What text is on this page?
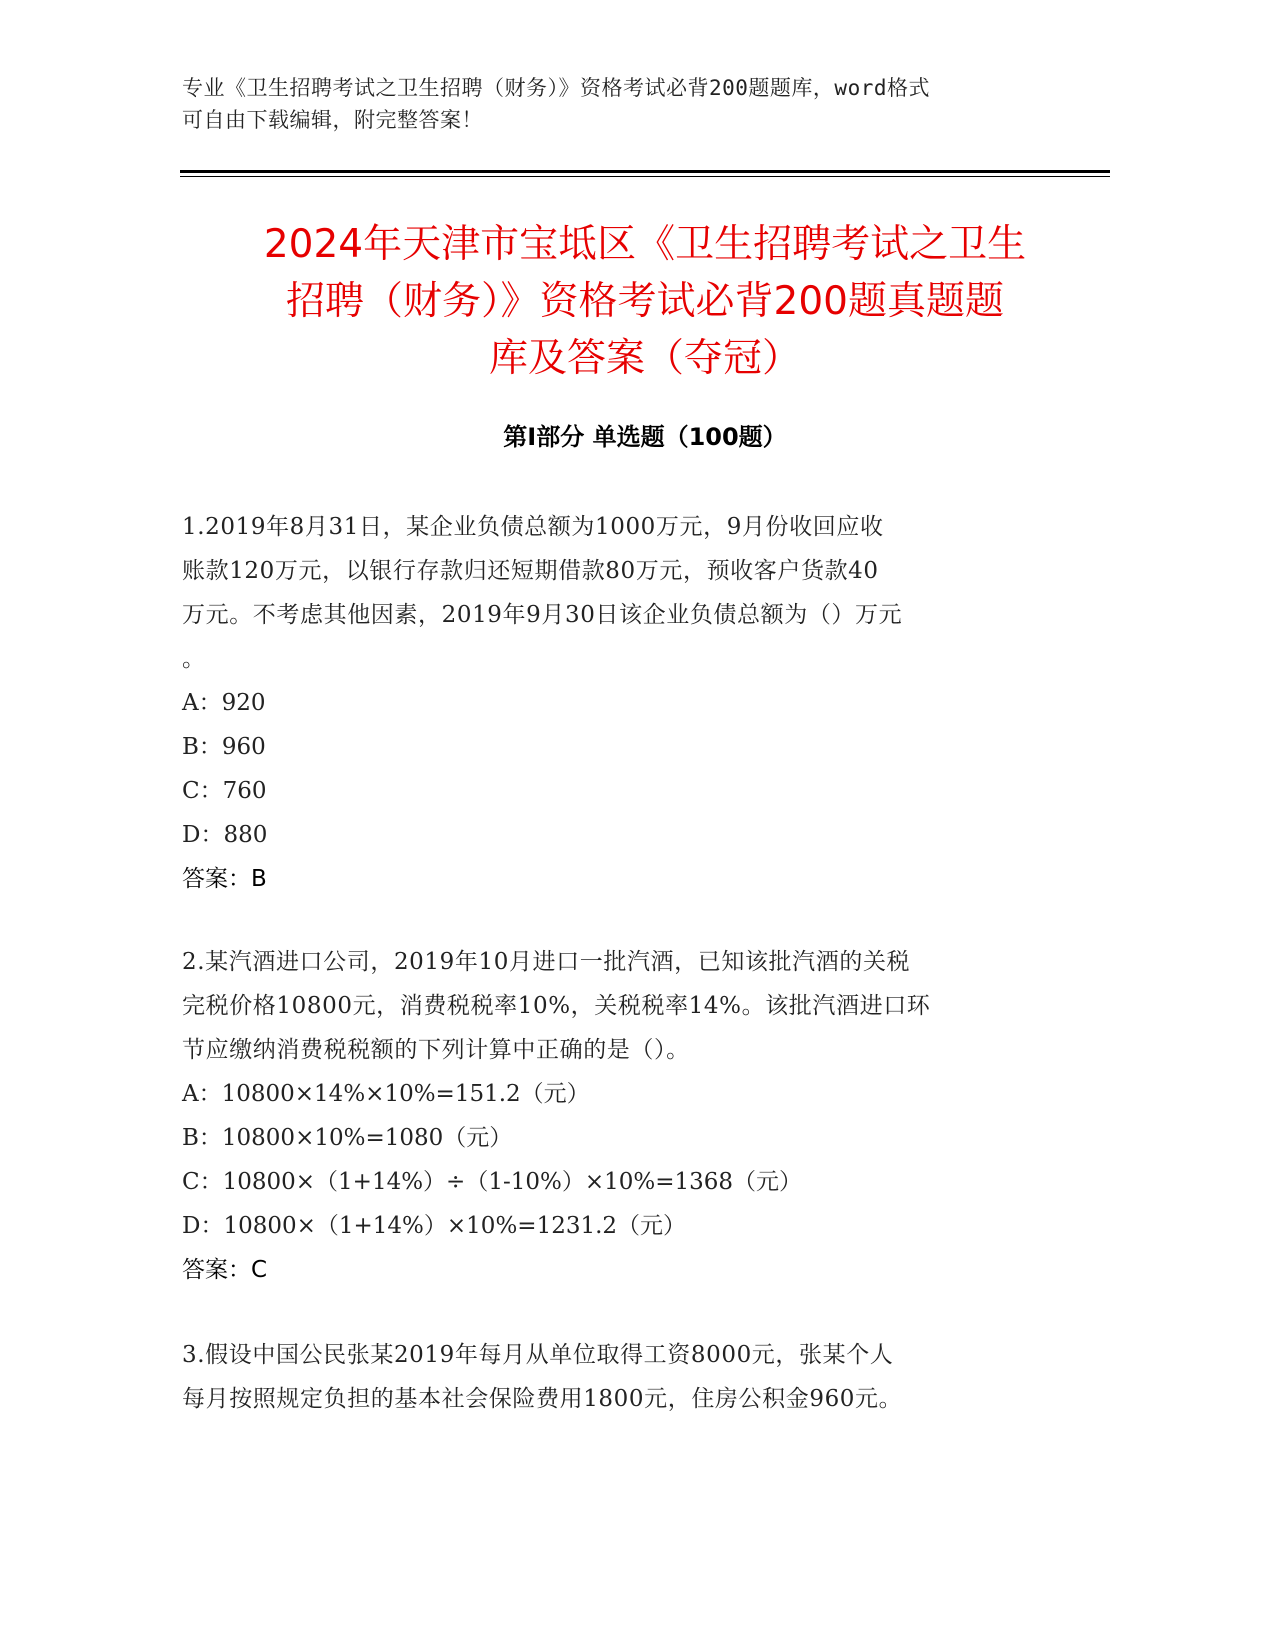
专业《卫生招聘考试之卫生招聘（财务）》资格考试必背200题题库，word格式
可自由下载编辑，附完整答案！
2024年天津市宝坻区《卫生招聘考试之卫生
招聘（财务）》资格考试必背200题真题题
库及答案（夺冠）
第Ⅰ部分 单选题（100题）
1.2019年8月31日，某企业负债总额为1000万元，9月份收回应收
账款120万元，以银行存款归还短期借款80万元，预收客户货款40
万元。不考虑其他因素，2019年9月30日该企业负债总额为（）万元
。
A：920
B：960
C：760
D：880
答案：B
2.某汽酒进口公司，2019年10月进口一批汽酒，已知该批汽酒的关税
完税价格10800元，消费税税率10%，关税税率14%。该批汽酒进口环
节应缴纳消费税税额的下列计算中正确的是（）。
A：10800×14%×10%=151.2（元）
B：10800×10%=1080（元）
C：10800×（1+14%）÷（1-10%）×10%=1368（元）
D：10800×（1+14%）×10%=1231.2（元）
答案：C
3.假设中国公民张某2019年每月从单位取得工资8000元，张某个人
每月按照规定负担的基本社会保险费用1800元，住房公积金960元。
